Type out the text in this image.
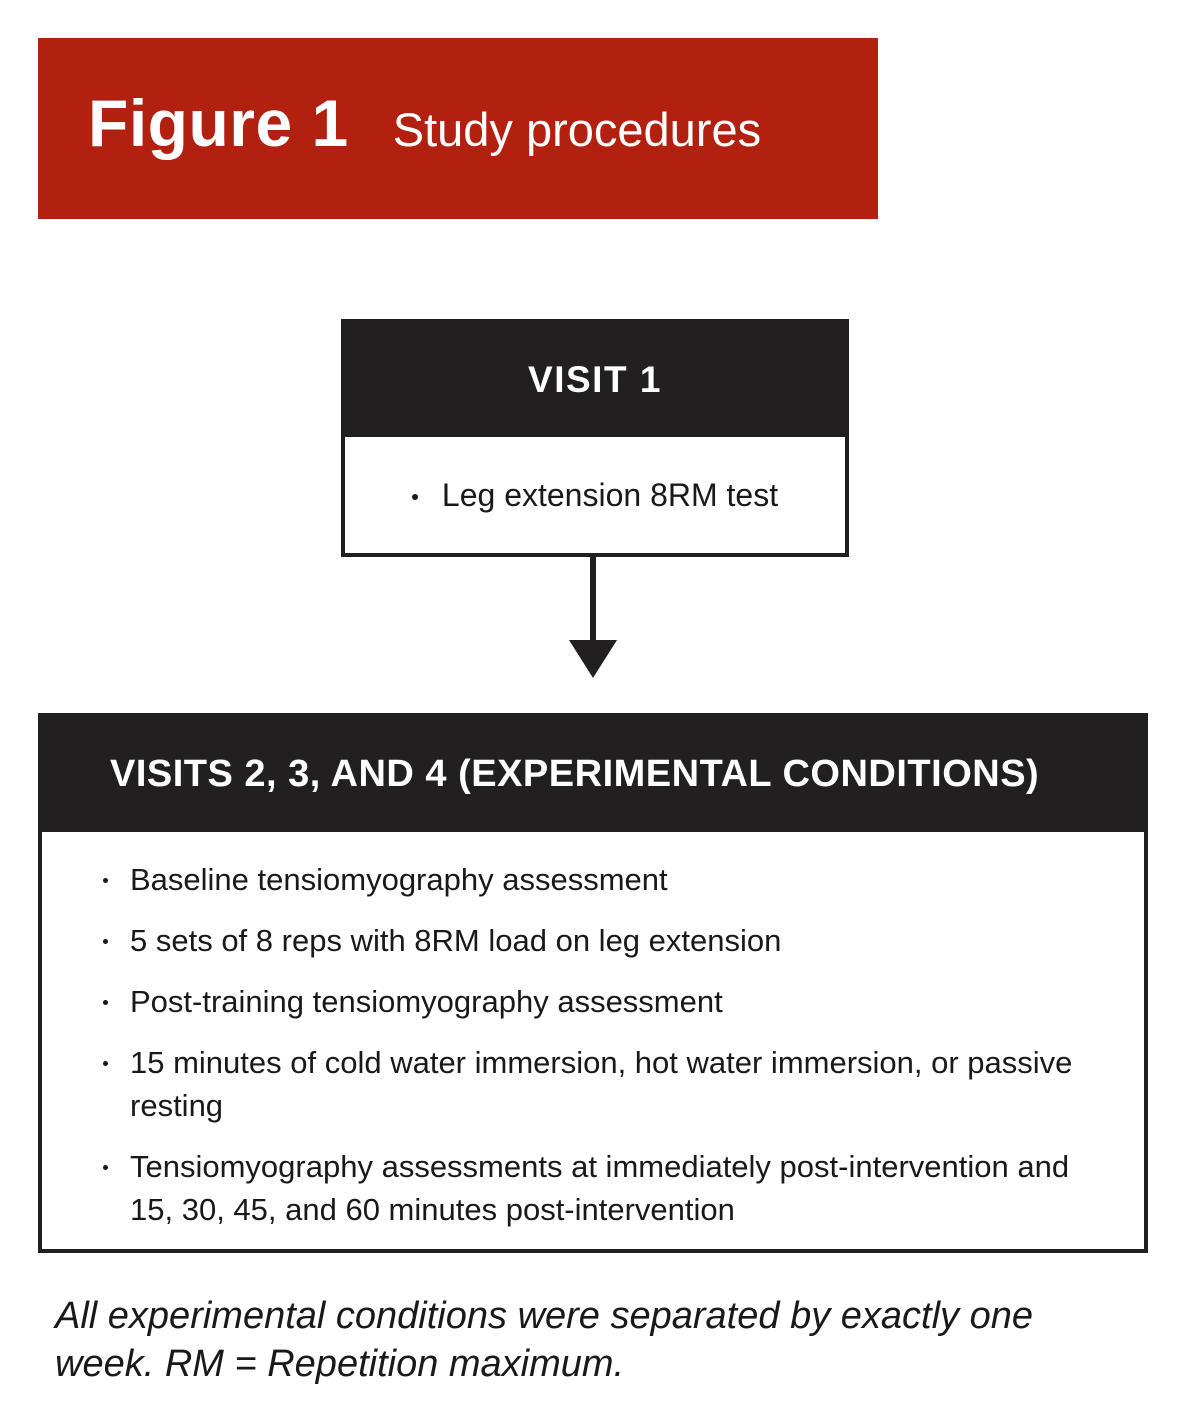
Figure 1 Study procedures
VISIT 1
Leg extension 8RM test
VISITS 2, 3, AND 4 (EXPERIMENTAL CONDITIONS)
Baseline tensiomyography assessment
5 sets of 8 reps with 8RM load on leg extension
Post-training tensiomyography assessment
15 minutes of cold water immersion, hot water immersion, or passive resting
Tensiomyography assessments at immediately post-intervention and 15, 30, 45, and 60 minutes post-intervention
All experimental conditions were separated by exactly one week. RM = Repetition maximum.
